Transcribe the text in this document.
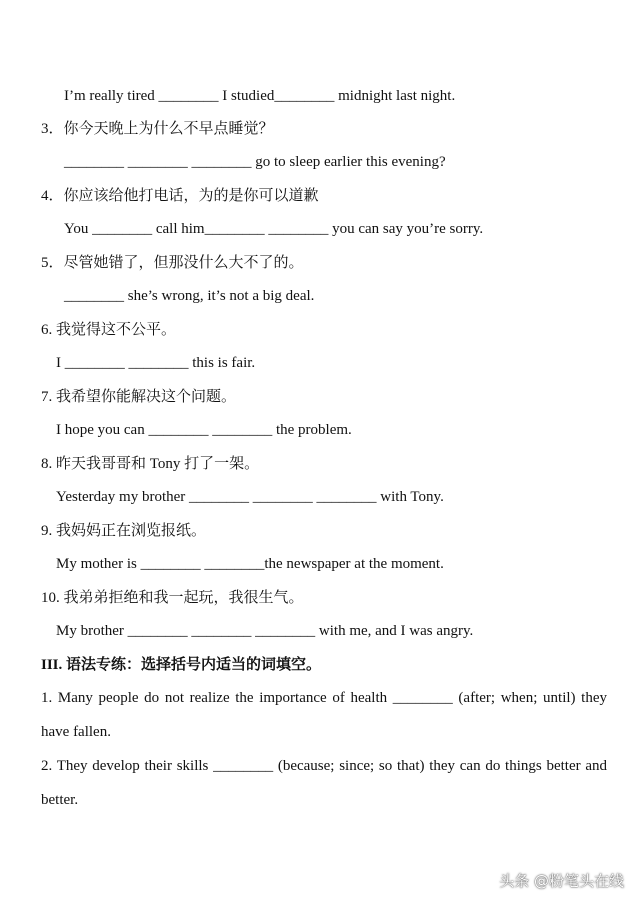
I’m really tired ________ I studied________ midnight last night.
3．你今天晚上为什么不早点睡觉？
________ ________ ________ go to sleep earlier this evening?
4．你应该给他打电话，为的是你可以道歉
You ________ call him________ ________ you can say you’re sorry.
5．尽管她错了，但那没什么大不了的。
________ she’s wrong, it’s not a big deal.
6. 我觉得这不公平。
I ________ ________ this is fair.
7. 我希望你能解决这个问题。
I hope you can ________ ________ the problem.
8. 昨天我哥哥和 Tony 打了一架。
Yesterday my brother ________ ________ ________ with Tony.
9. 我妈妈正在浏览报纸。
My mother is ________ ________the newspaper at the moment.
10. 我弟弟拒绝和我一起玩，我很生气。
My brother ________ ________ ________ with me, and I was angry.
III. 语法专练：选择括号内适当的词填空。
1. Many people do not realize the importance of health ________ (after; when; until) they
have fallen.
2. They develop their skills ________ (because; since; so that) they can do things better and
better.
头条 @粉笔头在线
